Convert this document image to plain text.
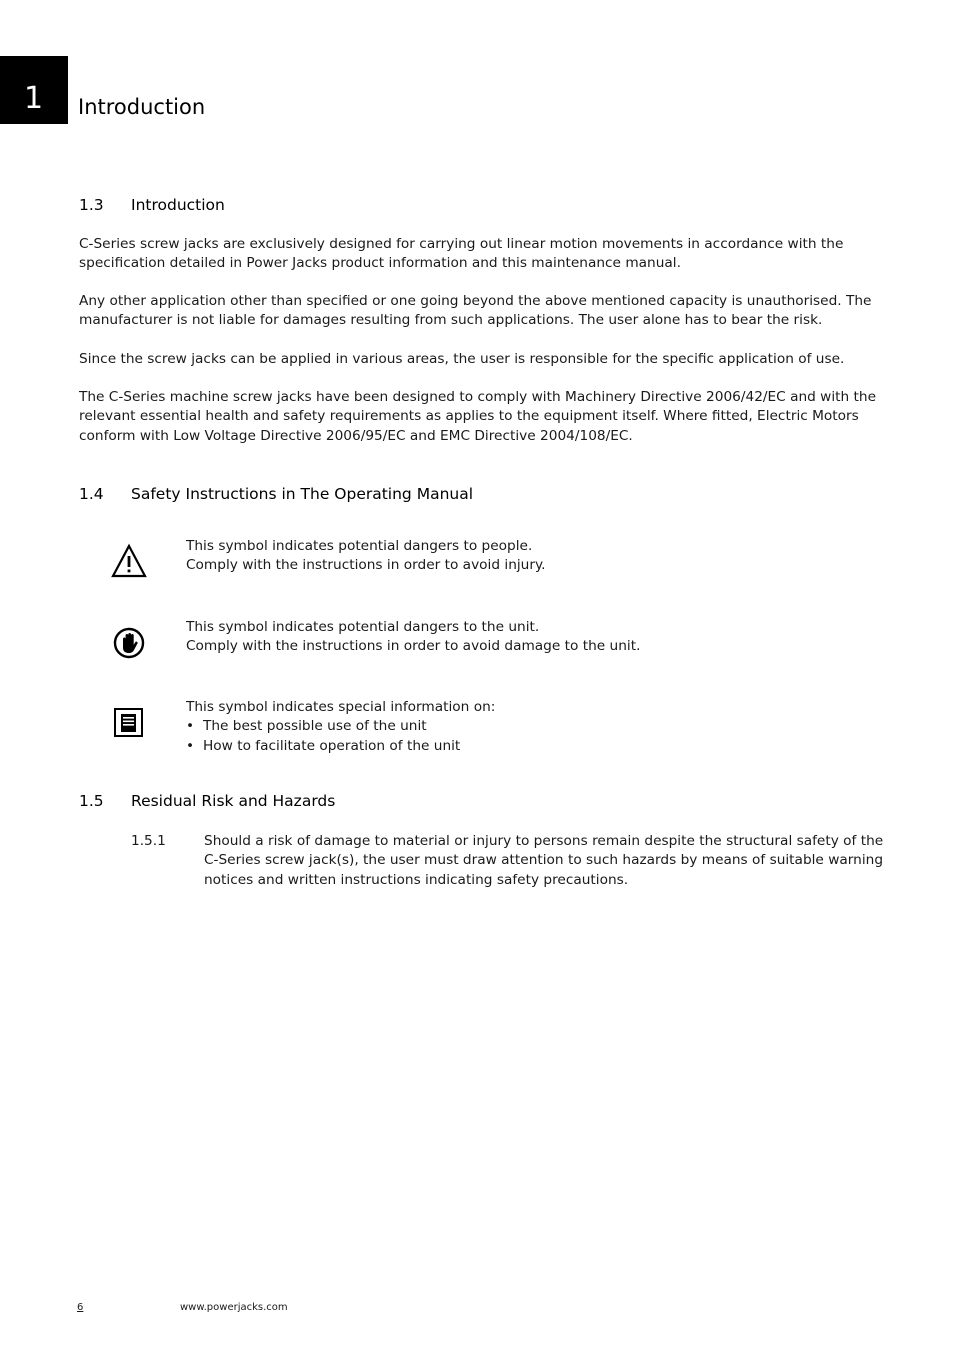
1 Introduction
1.3 Introduction

C-Series screw jacks are exclusively designed for carrying out linear motion movements in accordance with the specification detailed in Power Jacks product information and this maintenance manual.

Any other application other than specified or one going beyond the above mentioned capacity is unauthorised. The manufacturer is not liable for damages resulting from such applications. The user alone has to bear the risk.

Since the screw jacks can be applied in various areas, the user is responsible for the specific application of use.

The C-Series machine screw jacks have been designed to comply with Machinery Directive 2006/42/EC and with the relevant essential health and safety requirements as applies to the equipment itself. Where fitted, Electric Motors conform with Low Voltage Directive 2006/95/EC and EMC Directive 2004/108/EC.

1.4 Safety Instructions in The Operating Manual
This symbol indicates potential dangers to people.
Comply with the instructions in order to avoid injury.
This symbol indicates potential dangers to the unit.
Comply with the instructions in order to avoid damage to the unit.
This symbol indicates special information on:
• The best possible use of the unit
• How to facilitate operation of the unit
1.5 Residual Risk and Hazards
1.5.1	Should a risk of damage to material or injury to persons remain despite the structural safety of the C-Series screw jack(s), the user must draw attention to such hazards by means of suitable warning notices and written instructions indicating safety precautions.
6	www.powerjacks.com
